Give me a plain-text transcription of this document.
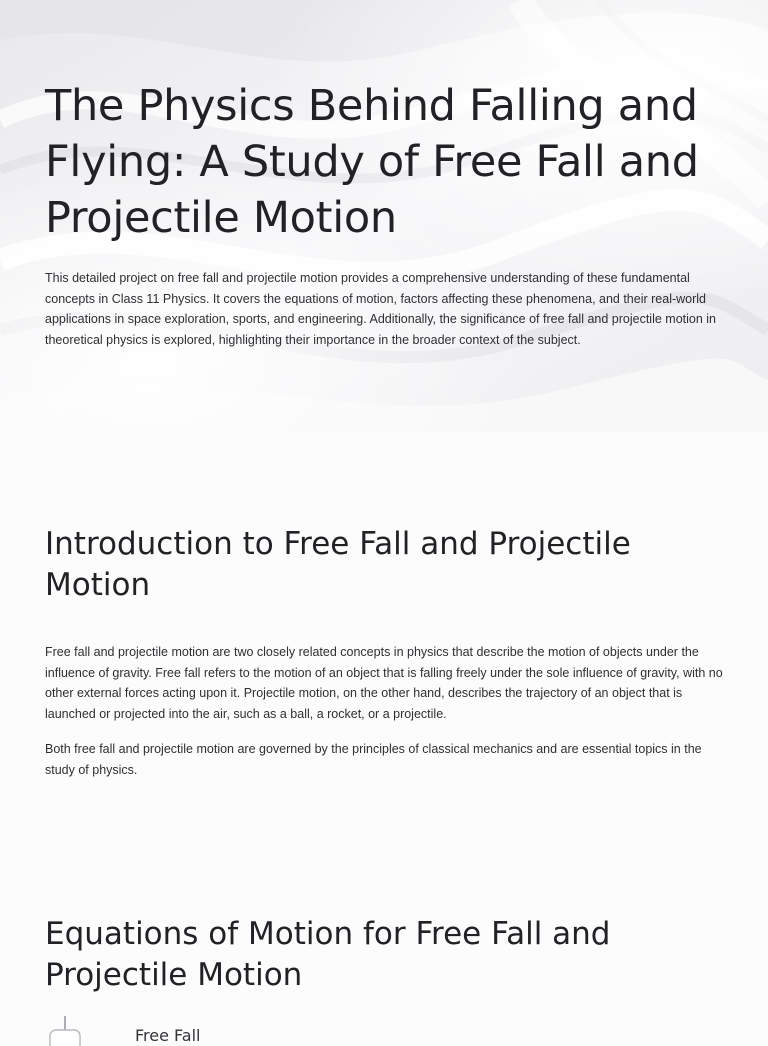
The Physics Behind Falling and Flying: A Study of Free Fall and Projectile Motion

This detailed project on free fall and projectile motion provides a comprehensive understanding of these fundamental concepts in Class 11 Physics. It covers the equations of motion, factors affecting these phenomena, and their real-world applications in space exploration, sports, and engineering. Additionally, the significance of free fall and projectile motion in theoretical physics is explored, highlighting their importance in the broader context of the subject.

Introduction to Free Fall and Projectile Motion

Free fall and projectile motion are two closely related concepts in physics that describe the motion of objects under the influence of gravity. Free fall refers to the motion of an object that is falling freely under the sole influence of gravity, with no other external forces acting upon it. Projectile motion, on the other hand, describes the trajectory of an object that is launched or projected into the air, such as a ball, a rocket, or a projectile.

Both free fall and projectile motion are governed by the principles of classical mechanics and are essential topics in the study of physics.

Equations of Motion for Free Fall and Projectile Motion
Free Fall
